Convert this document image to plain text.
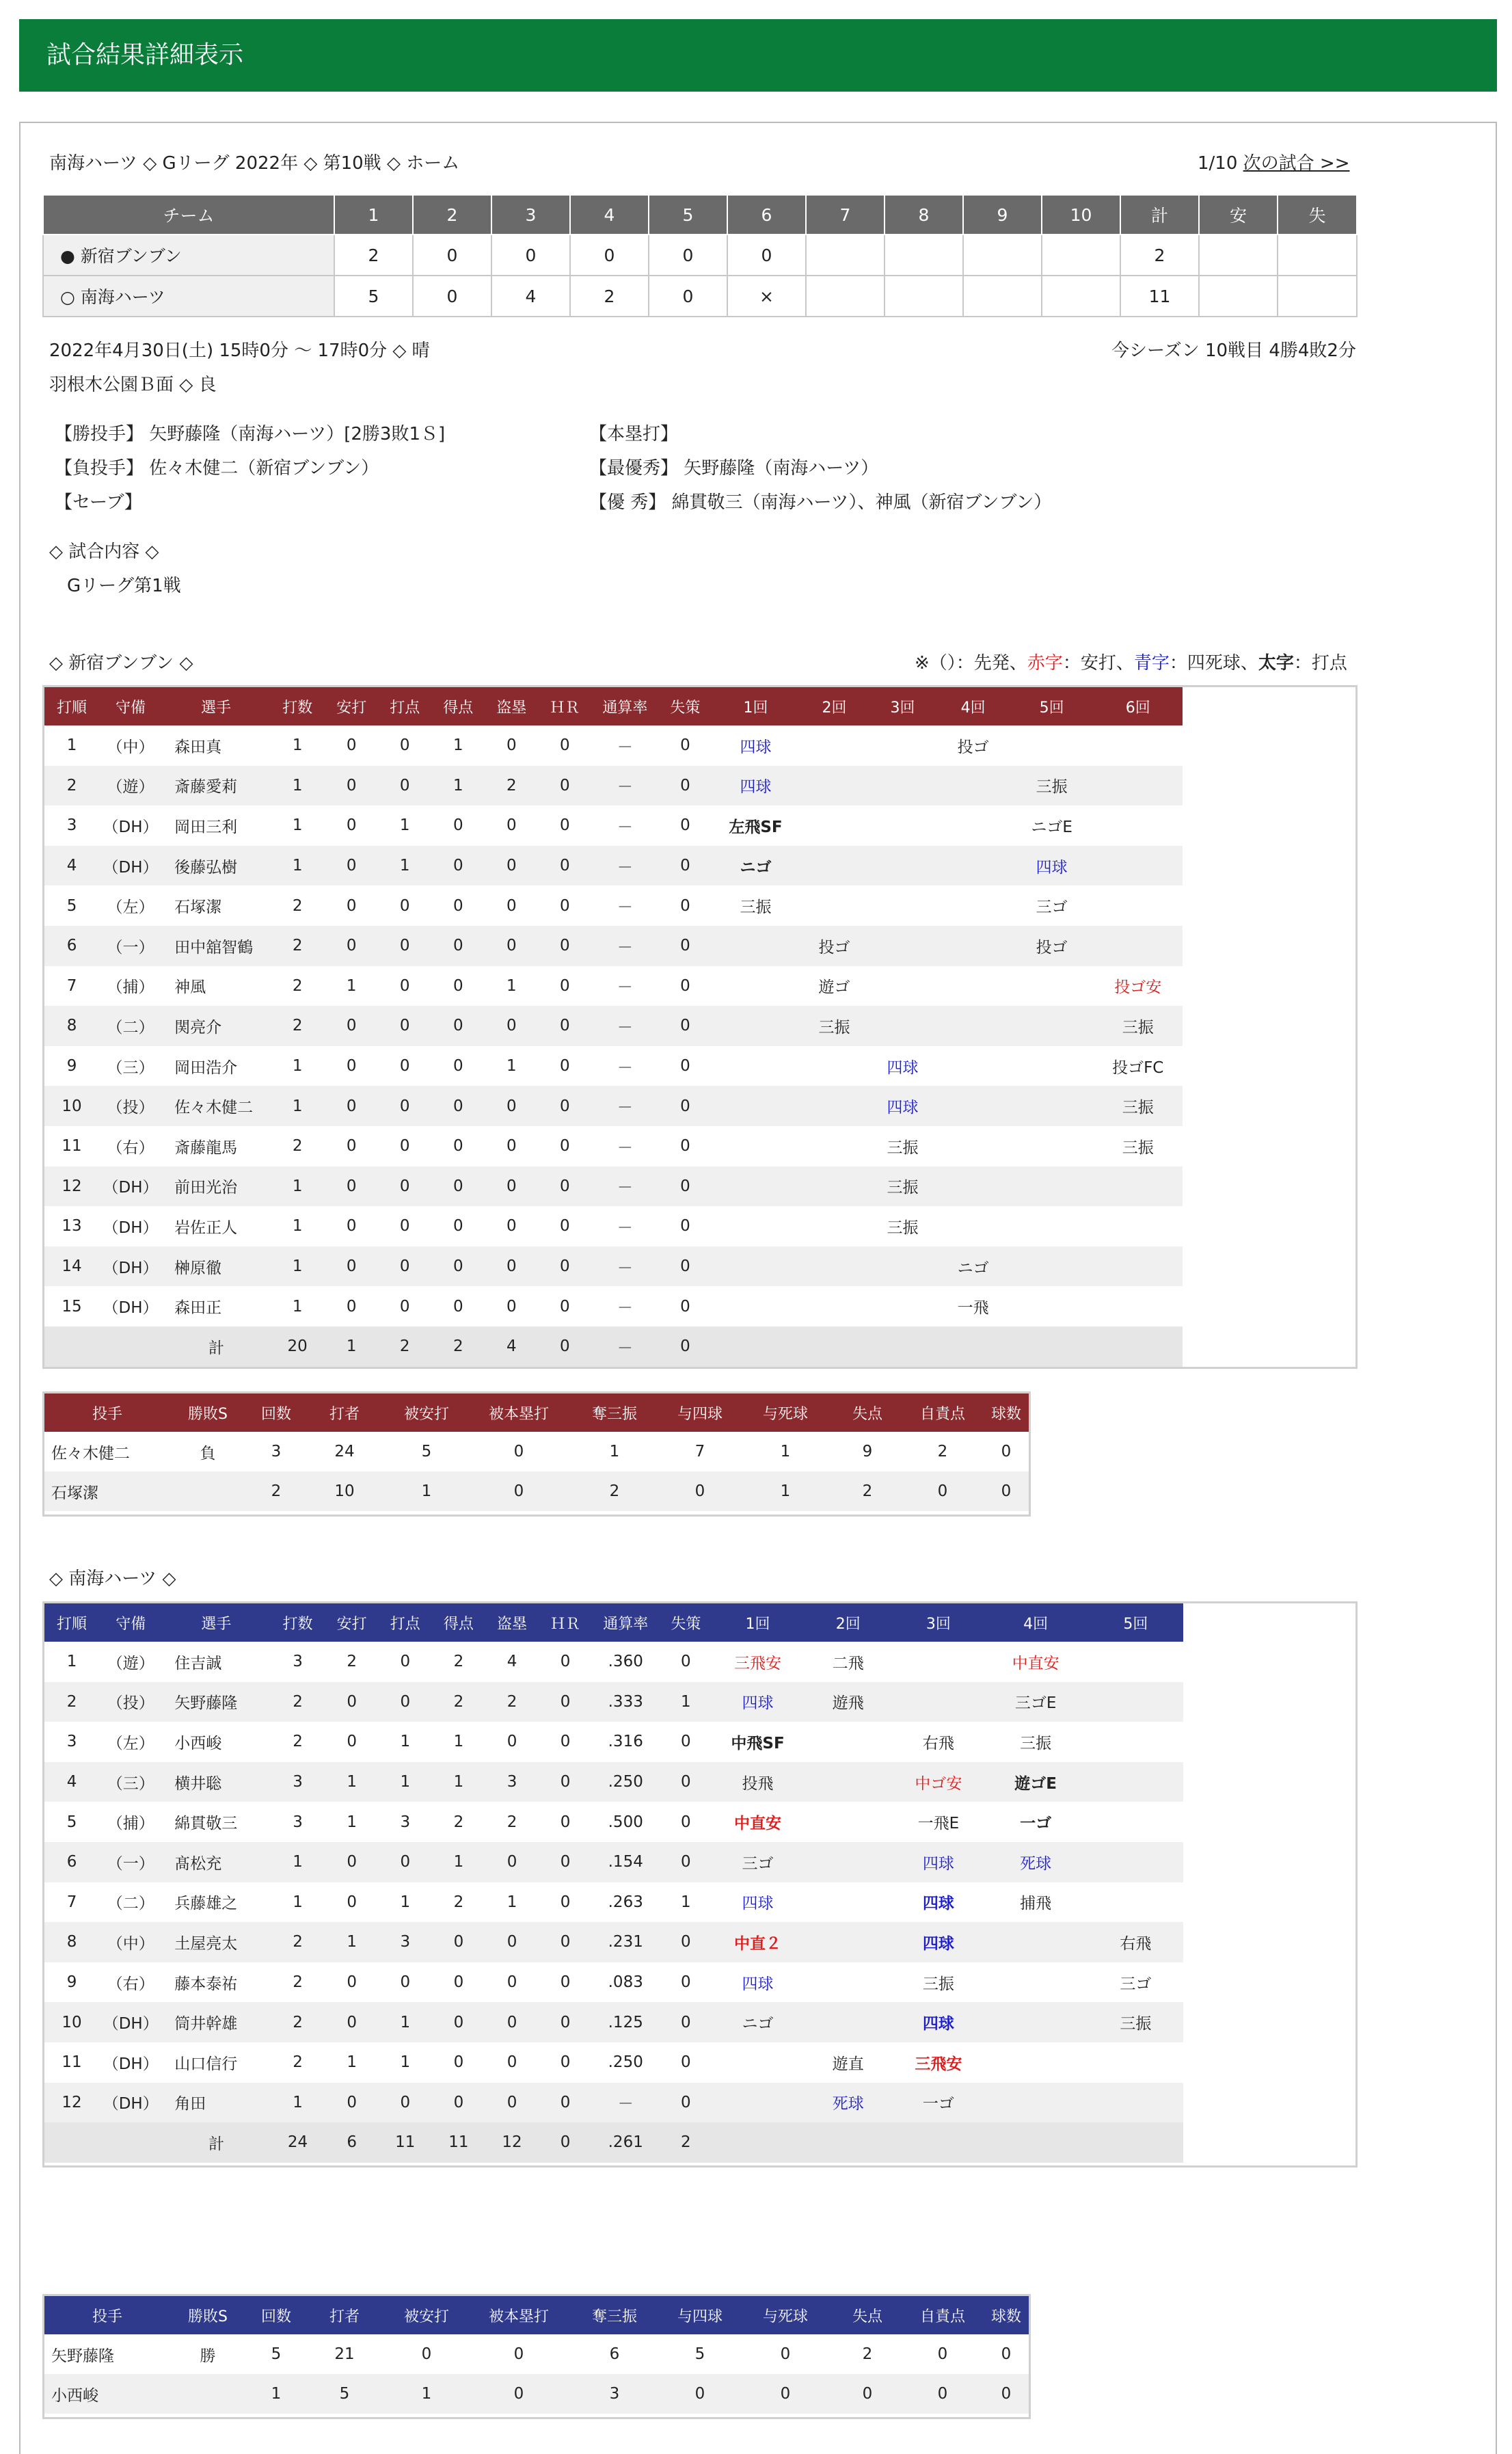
試合結果詳細表示
南海ハーツ ◇ Gリーグ 2022年 ◇ 第10戦 ◇ ホーム	1/10 次の試合 >>
チーム	1	2	3	4	5	6	7	8	9	10	計	安	失
● 新宿ブンブン	2	0	0	0	0	0					2		
○ 南海ハーツ	5	0	4	2	0	×					11		
2022年4月30日(土) 15時0分 ～ 17時0分 ◇ 晴	今シーズン 10戦目 4勝4敗2分
羽根木公園Ｂ面 ◇ 良
【勝投手】 矢野藤隆（南海ハーツ）[2勝3敗1Ｓ]
【負投手】 佐々木健二（新宿ブンブン）
【セーブ】
【本塁打】
【最優秀】 矢野藤隆（南海ハーツ）
【優 秀】 綿貫敬三（南海ハーツ）、神風（新宿ブンブン）
◇ 試合内容 ◇
Gリーグ第1戦
◇ 新宿ブンブン ◇	※（）：先発、赤字：安打、青字：四死球、太字：打点
打順	守備	選手	打数	安打	打点	得点	盗塁	ＨＲ	通算率	失策	1回	2回	3回	4回	5回	6回
1	（中）	森田真	1	0	0	1	0	0	－	0	四球			投ゴ		
2	（遊）	斎藤愛莉	1	0	0	1	2	0	－	0	四球				三振	
3	（DH）	岡田三利	1	0	1	0	0	0	－	0	左飛SF				ニゴE	
4	（DH）	後藤弘樹	1	0	1	0	0	0	－	0	ニゴ				四球	
5	（左）	石塚潔	2	0	0	0	0	0	－	0	三振				三ゴ	
6	（一）	田中舘智鶴	2	0	0	0	0	0	－	0		投ゴ			投ゴ	
7	（捕）	神風	2	1	0	0	1	0	－	0		遊ゴ				投ゴ安
8	（二）	関亮介	2	0	0	0	0	0	－	0		三振				三振
9	（三）	岡田浩介	1	0	0	0	1	0	－	0			四球			投ゴFC
10	（投）	佐々木健二	1	0	0	0	0	0	－	0			四球			三振
11	（右）	斎藤龍馬	2	0	0	0	0	0	－	0			三振			三振
12	（DH）	前田光治	1	0	0	0	0	0	－	0			三振			
13	（DH）	岩佐正人	1	0	0	0	0	0	－	0			三振			
14	（DH）	榊原徹	1	0	0	0	0	0	－	0				ニゴ		
15	（DH）	森田正	1	0	0	0	0	0	－	0				一飛		
	計		20	1	2	2	4	0	－	0						
投手	勝敗S	回数	打者	被安打	被本塁打	奪三振	与四球	与死球	失点	自責点	球数
佐々木健二	負	3	24	5	0	1	7	1	9	2	0
石塚潔		2	10	1	0	2	0	1	2	0	0
◇ 南海ハーツ ◇
打順	守備	選手	打数	安打	打点	得点	盗塁	ＨＲ	通算率	失策	1回	2回	3回	4回	5回
1	（遊）	住吉誠	3	2	0	2	4	0	.360	0	三飛安	二飛		中直安	
2	（投）	矢野藤隆	2	0	0	2	2	0	.333	1	四球	遊飛		三ゴE	
3	（左）	小西峻	2	0	1	1	0	0	.316	0	中飛SF		右飛	三振	
4	（三）	横井聡	3	1	1	1	3	0	.250	0	投飛		中ゴ安	遊ゴE	
5	（捕）	綿貫敬三	3	1	3	2	2	0	.500	0	中直安		一飛E	一ゴ	
6	（一）	髙松充	1	0	0	1	0	0	.154	0	三ゴ		四球	死球	
7	（二）	兵藤雄之	1	0	1	2	1	0	.263	1	四球		四球	捕飛	
8	（中）	土屋亮太	2	1	3	0	0	0	.231	0	中直２		四球		右飛
9	（右）	藤本泰祐	2	0	0	0	0	0	.083	0	四球		三振		三ゴ
10	（DH）	筒井幹雄	2	0	1	0	0	0	.125	0	ニゴ		四球		三振
11	（DH）	山口信行	2	1	1	0	0	0	.250	0		遊直	三飛安		
12	（DH）	角田	1	0	0	0	0	0	－	0		死球	一ゴ		
	計		24	6	11	11	12	0	.261	2					
投手	勝敗S	回数	打者	被安打	被本塁打	奪三振	与四球	与死球	失点	自責点	球数
矢野藤隆	勝	5	21	0	0	6	5	0	2	0	0
小西峻		1	5	1	0	3	0	0	0	0	0
